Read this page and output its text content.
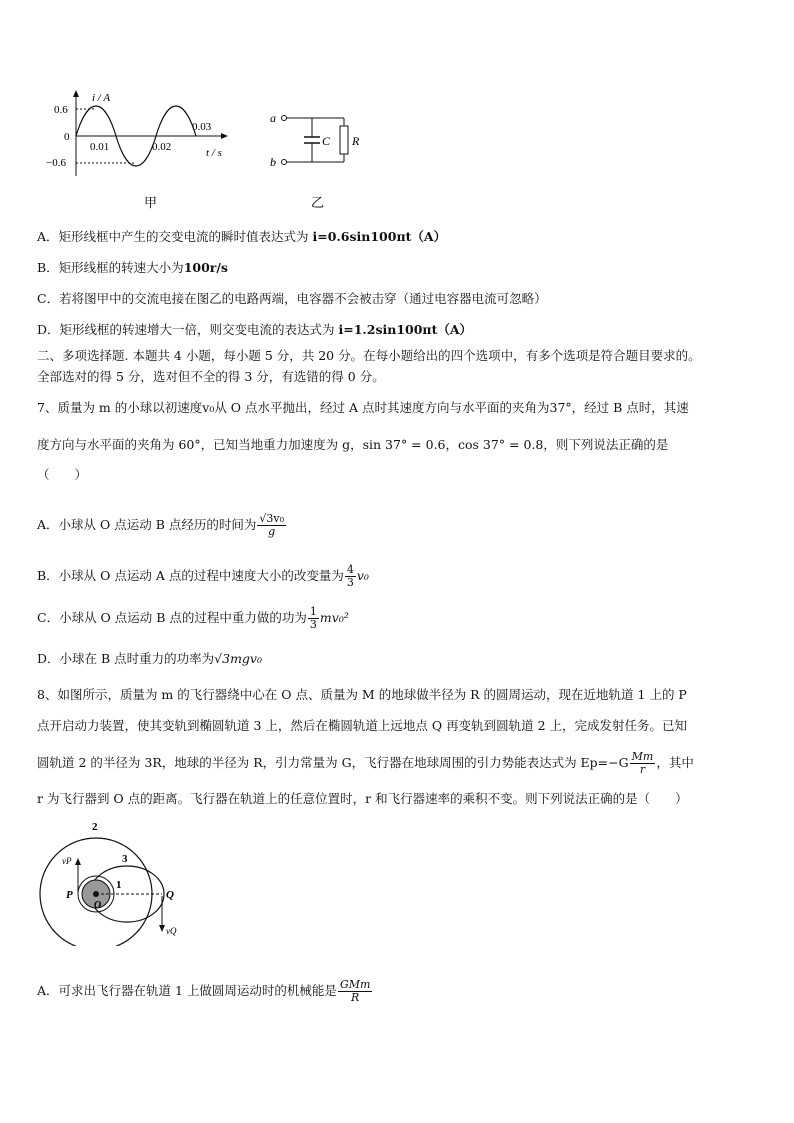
i / A
0.6
0
−0.6
0.01	0.02
0.03
t / s
甲
a
b
C R
乙
A．矩形线框中产生的交变电流的瞬时值表达式为 i=0.6sin100πt（A）
B．矩形线框的转速大小为100r/s
C．若将图甲中的交流电接在图乙的电路两端，电容器不会被击穿（通过电容器电流可忽略）
D．矩形线框的转速增大一倍，则交变电流的表达式为 i=1.2sin100πt（A）
二、多项选择题. 本题共 4 小题，每小题 5 分，共 20 分。在每小题给出的四个选项中，有多个选项是符合题目要求的。
全部选对的得 5 分，选对但不全的得 3 分，有选错的得 0 分。
7、质量为 m 的小球以初速度v₀从 O 点水平抛出，经过 A 点时其速度方向与水平面的夹角为37°，经过 B 点时，其速
度方向与水平面的夹角为 60°，已知当地重力加速度为 g，sin 37° = 0.6，cos 37° = 0.8，则下列说法正确的是
（　　）
A．小球从 O 点运动 B 点经历的时间为 $\frac{\text{√3v₀}}{g}$
B．小球从 O 点运动 A 点的过程中速度大小的改变量为 $\frac{4}{3} v_0$
C．小球从 O 点运动 B 点的过程中重力做的功为 $\frac{1}{3} mv_0^2$
D．小球在 B 点时重力的功率为√3mgv₀
8、如图所示，质量为 m 的飞行器绕中心在 O 点、质量为 M 的地球做半径为 R 的圆周运动，现在近地轨道 1 上的 P
点开启动力装置，使其变轨到椭圆轨道 3 上，然后在椭圆轨道上远地点 Q 再变轨到圆轨道 2 上，完成发射任务。已知
圆轨道 2 的半径为 3R，地球的半径为 R，引力常量为 G，飞行器在地球周围的引力势能表达式为 $Ep=-G \frac{Mm}{r}$ ，其中
r 为飞行器到 O 点的距离。飞行器在轨道上的任意位置时，r 和飞行器速率的乘积不变。则下列说法正确的是（　　）
2
3
1
P
O
Q
vP
vQ
A．可求出飞行器在轨道 1 上做圆周运动时的机械能是 $\frac{\text{GMm}}{R}$
